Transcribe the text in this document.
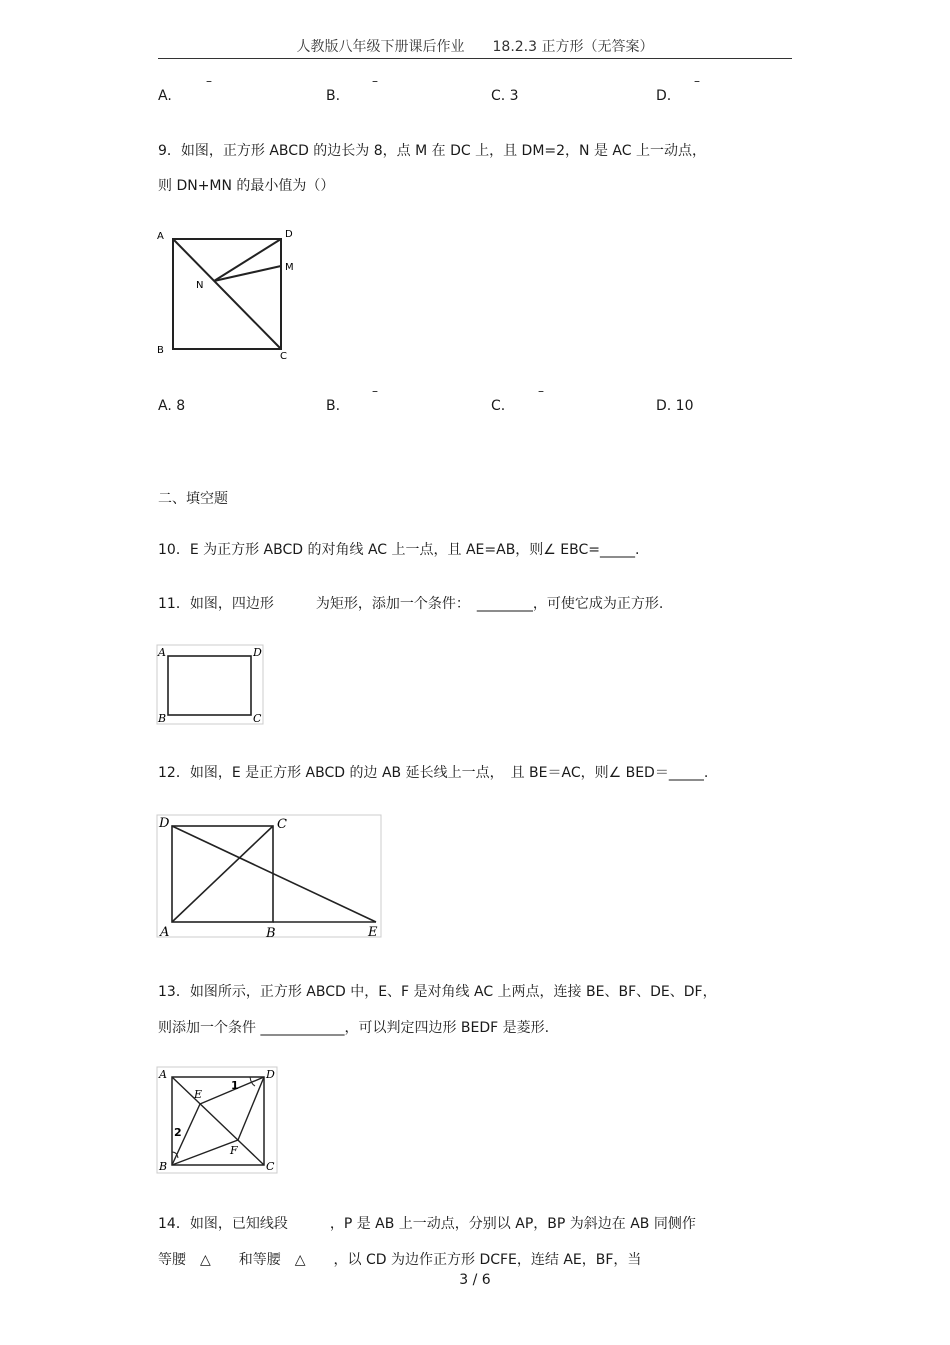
人教版八年级下册课后作业　　18.2.3 正方形（无答案）
A.
–
B.
–
C. 3	D.
–
9．如图，正方形 ABCD 的边长为 8，点 M 在 DC 上，且 DM=2，N 是 AC 上一动点，
则 DN+MN 的最小值为（）
A	D
M
N
B
C
A. 8	B.
–
C.
–
D. 10
二、填空题
10．E 为正方形 ABCD 的对角线 AC 上一点，且 AE=AB，则∠ EBC=_____.
11．如图，四边形　　　为矩形，添加一个条件：　________，可使它成为正方形.
A	D
B	C
12．如图，E 是正方形 ABCD 的边 AB 延长线上一点，　且 BE＝AC，则∠ BED＝_____.
D	C
A	B	E
13．如图所示，正方形 ABCD 中，E、F 是对角线 AC 上两点，连接 BE、BF、DE、DF，
则添加一个条件 ____________，可以判定四边形 BEDF 是菱形.
A	D
B	C
E
F
1
2
14．如图，已知线段　　　，P 是 AB 上一动点，分别以 AP，BP 为斜边在 AB 同侧作
等腰　△　　和等腰　△　　，以 CD 为边作正方形 DCFE，连结 AE，BF，当
3 / 6
